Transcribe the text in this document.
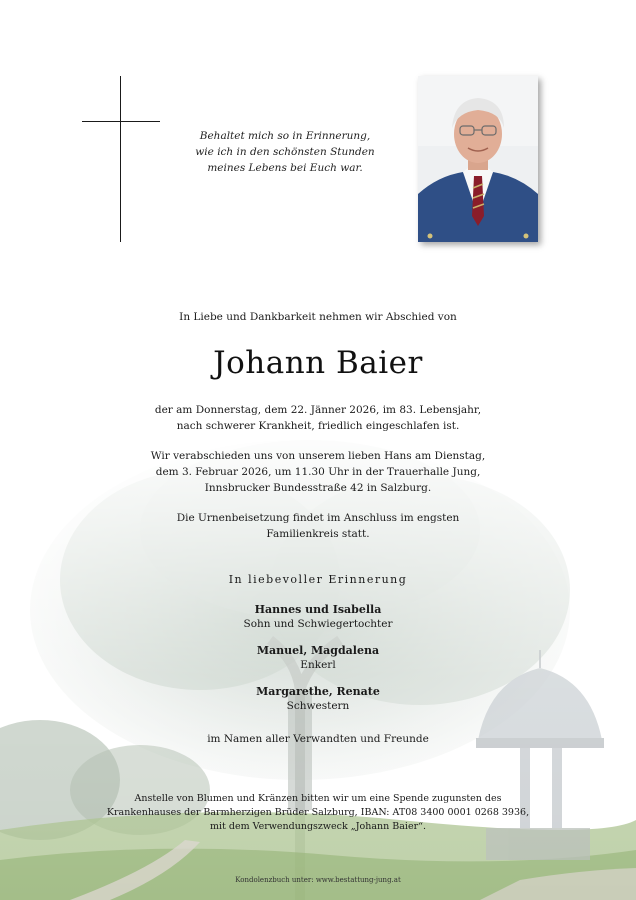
Behaltet mich so in Erinnerung,
wie ich in den schönsten Stunden
meines Lebens bei Euch war.
In Liebe und Dankbarkeit nehmen wir Abschied von
Johann Baier
der am Donnerstag, dem 22. Jänner 2026, im 83. Lebensjahr,
nach schwerer Krankheit, friedlich eingeschlafen ist.
Wir verabschieden uns von unserem lieben Hans am Dienstag,
dem 3. Februar 2026, um 11.30 Uhr in der Trauerhalle Jung,
Innsbrucker Bundesstraße 42 in Salzburg.
Die Urnenbeisetzung findet im Anschluss im engsten
Familienkreis statt.
In liebevoller Erinnerung
Hannes und Isabella
Sohn und Schwiegertochter
Manuel, Magdalena
Enkerl
Margarethe, Renate
Schwestern
im Namen aller Verwandten und Freunde
Anstelle von Blumen und Kränzen bitten wir um eine Spende zugunsten des
Krankenhauses der Barmherzigen Brüder Salzburg, IBAN: AT08 3400 0001 0268 3936,
mit dem Verwendungszweck „Johann Baier“.
Kondolenzbuch unter: www.bestattung-jung.at
